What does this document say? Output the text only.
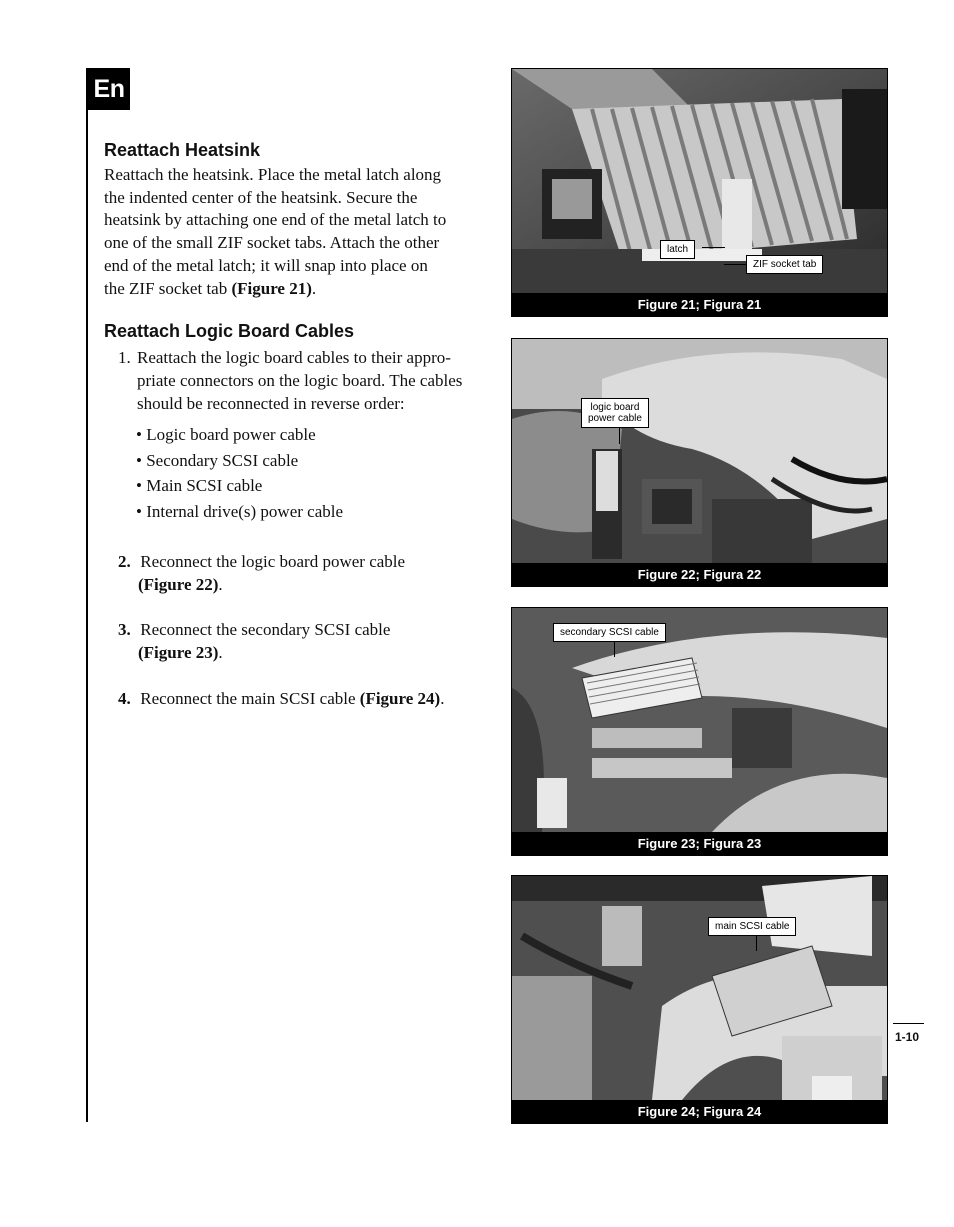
En
Reattach Heatsink
Reattach the heatsink. Place the metal latch along
the indented center of the heatsink. Secure the
heatsink by attaching one end of the metal latch to
one of the small ZIF socket tabs. Attach the other
end of the metal latch; it will snap into place on
the ZIF socket tab (Figure 21).
Reattach Logic Board Cables
1. Reattach the logic board cables to their appro-
priate connectors on the logic board. The cables
should be reconnected in reverse order:
• Logic board power cable
• Secondary SCSI cable
• Main SCSI cable
• Internal drive(s) power cable
2. Reconnect the logic board power cable
(Figure 22).
3. Reconnect the secondary SCSI cable
(Figure 23).
4. Reconnect the main SCSI cable (Figure 24).
latch
ZIF socket tab
Figure 21; Figura 21
logic board
power cable
Figure 22; Figura 22
secondary SCSI cable
Figure 23; Figura 23
main SCSI cable
Figure 24; Figura 24
1-10
